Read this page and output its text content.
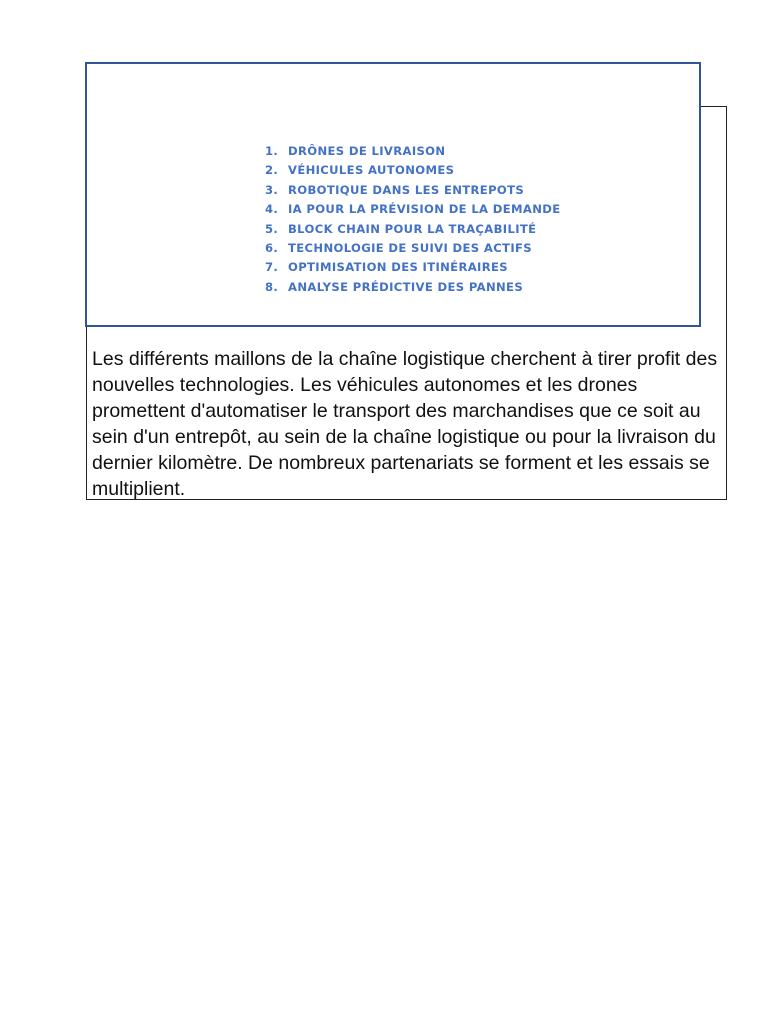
Les différents maillons de la chaîne logistique cherchent à tirer profit des nouvelles technologies. Les véhicules autonomes et les drones promettent d'automatiser le transport des marchandises que ce soit au sein d'un entrepôt, au sein de la chaîne logistique ou pour la livraison du dernier kilomètre. De nombreux partenariats se forment et les essais se multiplient.

1. DRÔNES DE LIVRAISON
2. VÉHICULES AUTONOMES
3. ROBOTIQUE DANS LES ENTREPOTS
4. IA POUR LA PRÉVISION DE LA DEMANDE
5. BLOCK CHAIN POUR LA TRAÇABILITÉ
6. TECHNOLOGIE DE SUIVI DES ACTIFS
7. OPTIMISATION DES ITINÉRAIRES
8. ANALYSE PRÉDICTIVE DES PANNES
